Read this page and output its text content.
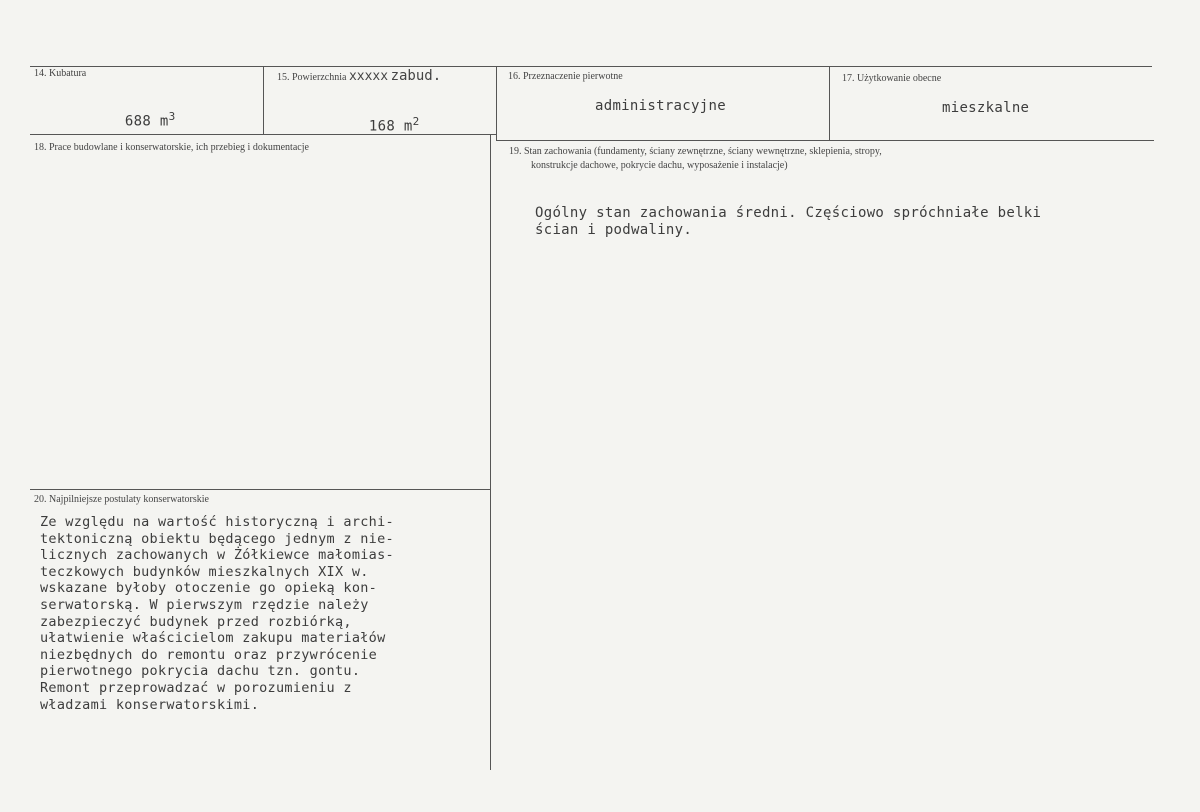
14. Kubatura

688 $m^3$

15. Powierzchnia xxxxx zabud.

168 $m^2$

16. Przeznaczenie pierwotne
administracyjne
17. Użytkowanie obecne
mieszkalne
18. Prace budowlane i konserwatorskie, ich przebieg i dokumentacje	19. Stan zachowania (fundamenty, ściany zewnętrzne, ściany wewnętrzne, sklepienia, stropy,
konstrukcje dachowe, pokrycie dachu, wyposażenie i instalacje)
Ogólny stan zachowania średni. Częściowo spróchniałe belki
ścian i podwaliny.
20. Najpilniejsze postulaty konserwatorskie
Ze względu na wartość historyczną i archi-
tektoniczną obiektu będącego jednym z nie-
licznych zachowanych w Żółkiewce małomias-
teczkowych budynków mieszkalnych XIX w.
wskazane byłoby otoczenie go opieką kon-
serwatorską. W pierwszym rzędzie należy
zabezpieczyć budynek przed rozbiórką,
ułatwienie właścicielom zakupu materiałów
niezbędnych do remontu oraz przywrócenie
pierwotnego pokrycia dachu tzn. gontu.
Remont przeprowadzać w porozumieniu z
władzami konserwatorskimi.
